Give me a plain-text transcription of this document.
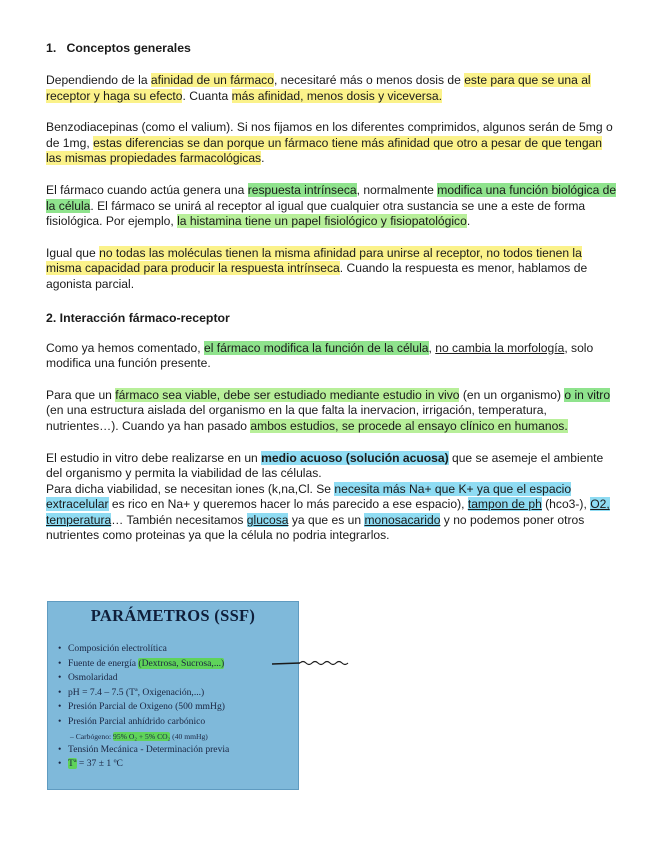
1.   Conceptos generales

Dependiendo de la afinidad de un fármaco, necesitaré más o menos dosis de este para que se una al receptor y haga su efecto. Cuanta más afinidad, menos dosis y viceversa.

Benzodiacepinas (como el valium). Si nos fijamos en los diferentes comprimidos, algunos serán de 5mg o de 1mg, estas diferencias se dan porque un fármaco tiene más afinidad que otro a pesar de que tengan las mismas propiedades farmacológicas.

El fármaco cuando actúa genera una respuesta intrínseca, normalmente modifica una función biológica de la célula. El fármaco se unirá al receptor al igual que cualquier otra sustancia se une a este de forma fisiológica. Por ejemplo, la histamina tiene un papel fisiológico y fisiopatológico.

Igual que no todas las moléculas tienen la misma afinidad para unirse al receptor, no todos tienen la misma capacidad para producir la respuesta intrínseca. Cuando la respuesta es menor, hablamos de agonista parcial.

2. Interacción fármaco-receptor

Como ya hemos comentado, el fármaco modifica la función de la célula, no cambia la morfología, solo modifica una función presente.

Para que un fármaco sea viable, debe ser estudiado mediante estudio in vivo (en un organismo) o in vitro (en una estructura aislada del organismo en la que falta la inervacion, irrigación, temperatura, nutrientes…). Cuando ya han pasado ambos estudios, se procede al ensayo clínico en humanos.

El estudio in vitro debe realizarse en un medio acuoso (solución acuosa) que se asemeje el ambiente del organismo y permita la viabilidad de las células.

Para dicha viabilidad, se necesitan iones (k,na,Cl. Se necesita más Na+ que K+ ya que el espacio extracelular es rico en Na+ y queremos hacer lo más parecido a ese espacio), tampon de ph (hco3-), O2, temperatura… También necesitamos glucosa ya que es un monosacarido y no podemos poner otros nutrientes como proteinas ya que la célula no podria integrarlos.

PARÁMETROS (SSF)
• Composición electrolítica
• Fuente de energía (Dextrosa, Sucrosa,...)
• Osmolaridad
• pH = 7.4 – 7.5 (Tª, Oxigenación,...)
• Presión Parcial de Oxigeno (500 mmHg)
• Presión Parcial anhídrido carbónico
– Carbógeno: 95% O₂ + 5% CO₂ (40 mmHg)
• Tensión Mecánica - Determinación previa
• Tª = 37 ± 1 ºC
